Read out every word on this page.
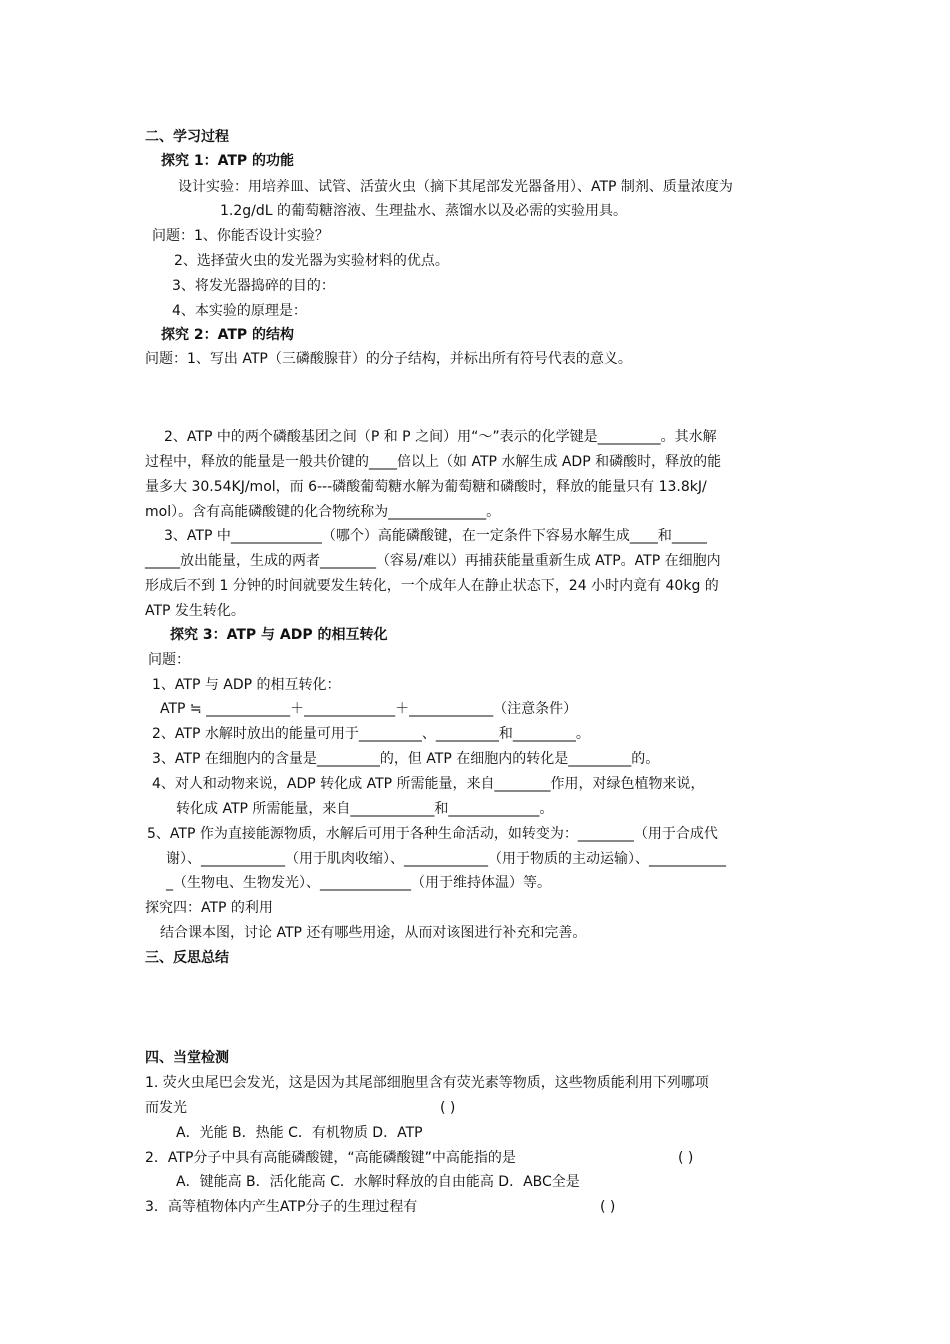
二、学习过程
探究 1：ATP 的功能
设计实验：用培养皿、试管、活萤火虫（摘下其尾部发光器备用）、ATP 制剂、质量浓度为
1.2g/dL 的葡萄糖溶液、生理盐水、蒸馏水以及必需的实验用具。
问题：1、你能否设计实验？
2、选择萤火虫的发光器为实验材料的优点。
3、将发光器捣碎的目的：
4、本实验的原理是：
探究 2：ATP 的结构
问题：1、写出 ATP（三磷酸腺苷）的分子结构，并标出所有符号代表的意义。
2、ATP 中的两个磷酸基团之间（P 和 P 之间）用“～”表示的化学键是_________。其水解
过程中，释放的能量是一般共价键的____倍以上（如 ATP 水解生成 ADP 和磷酸时，释放的能
量多大 30.54KJ/mol，而 6---磷酸葡萄糖水解为葡萄糖和磷酸时，释放的能量只有 13.8kJ/
mol）。含有高能磷酸键的化合物统称为______________。
3、ATP 中_____________（哪个）高能磷酸键，在一定条件下容易水解生成____和_____
_____放出能量，生成的两者________（容易/难以）再捕获能量重新生成 ATP。ATP 在细胞内
形成后不到 1 分钟的时间就要发生转化，一个成年人在静止状态下，24 小时内竟有 40kg 的
ATP 发生转化。
探究 3：ATP 与 ADP 的相互转化
问题：
1、ATP 与 ADP 的相互转化：
ATP ≒ ____________＋_____________＋____________（注意条件）
2、ATP 水解时放出的能量可用于_________、_________和_________。
3、ATP 在细胞内的含量是_________的，但 ATP 在细胞内的转化是_________的。
4、对人和动物来说，ADP 转化成 ATP 所需能量，来自________作用，对绿色植物来说，
转化成 ATP 所需能量，来自____________和_____________。
5、ATP 作为直接能源物质，水解后可用于各种生命活动，如转变为：________（用于合成代
谢）、____________（用于肌肉收缩）、____________（用于物质的主动运输）、___________
_（生物电、生物发光）、_____________（用于维持体温）等。
探究四：ATP 的利用
结合课本图，讨论 ATP 还有哪些用途，从而对该图进行补充和完善。
三、反思总结
四、当堂检测
1. 荧火虫尾巴会发光，这是因为其尾部细胞里含有荧光素等物质，这些物质能利用下列哪项
而发光	( )
A．光能 B．热能 C．有机物质 D．ATP
2．ATP分子中具有高能磷酸键，“高能磷酸键”中高能指的是	( )
A．键能高 B．活化能高 C．水解时释放的自由能高 D．ABC全是
3．高等植物体内产生ATP分子的生理过程有	( )
